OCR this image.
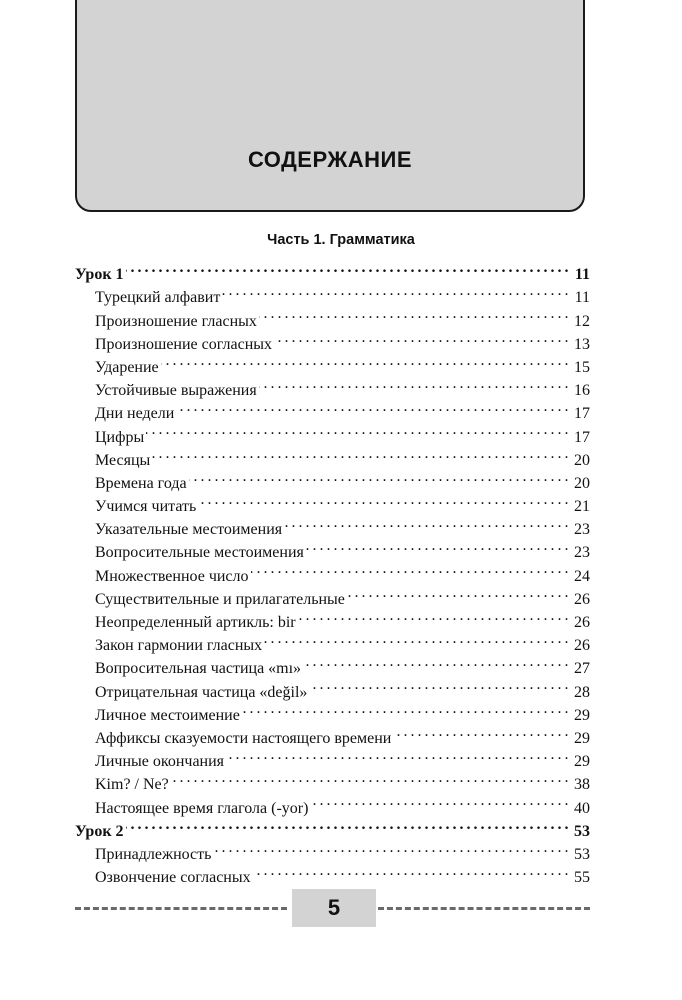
СОДЕРЖАНИЕ
Часть 1. Грамматика
Урок 1 . . .	11
Турецкий алфавит . . .	11
Произношение гласных . . .	12
Произношение согласных . . .	13
Ударение . . .	15
Устойчивые выражения . . .	16
Дни недели . . .	17
Цифры . . .	17
Месяцы . . .	20
Времена года . . .	20
Учимся читать . . .	21
Указательные местоимения . . .	23
Вопросительные местоимения . . .	23
Множественное число . . .	24
Существительные и прилагательные . . .	26
Неопределенный артикль: bir . . .	26
Закон гармонии гласных . . .	26
Вопросительная частица «mı» . . .	27
Отрицательная частица «değil» . . .	28
Личное местоимение . . .	29
Аффиксы сказуемости настоящего времени . . .	29
Личные окончания . . .	29
Kim? / Ne? . . .	38
Настоящее время глагола (-yor) . . .	40
Урок 2 . . .	53
Принадлежность . . .	53
Озвончение согласных . . .	55
5
